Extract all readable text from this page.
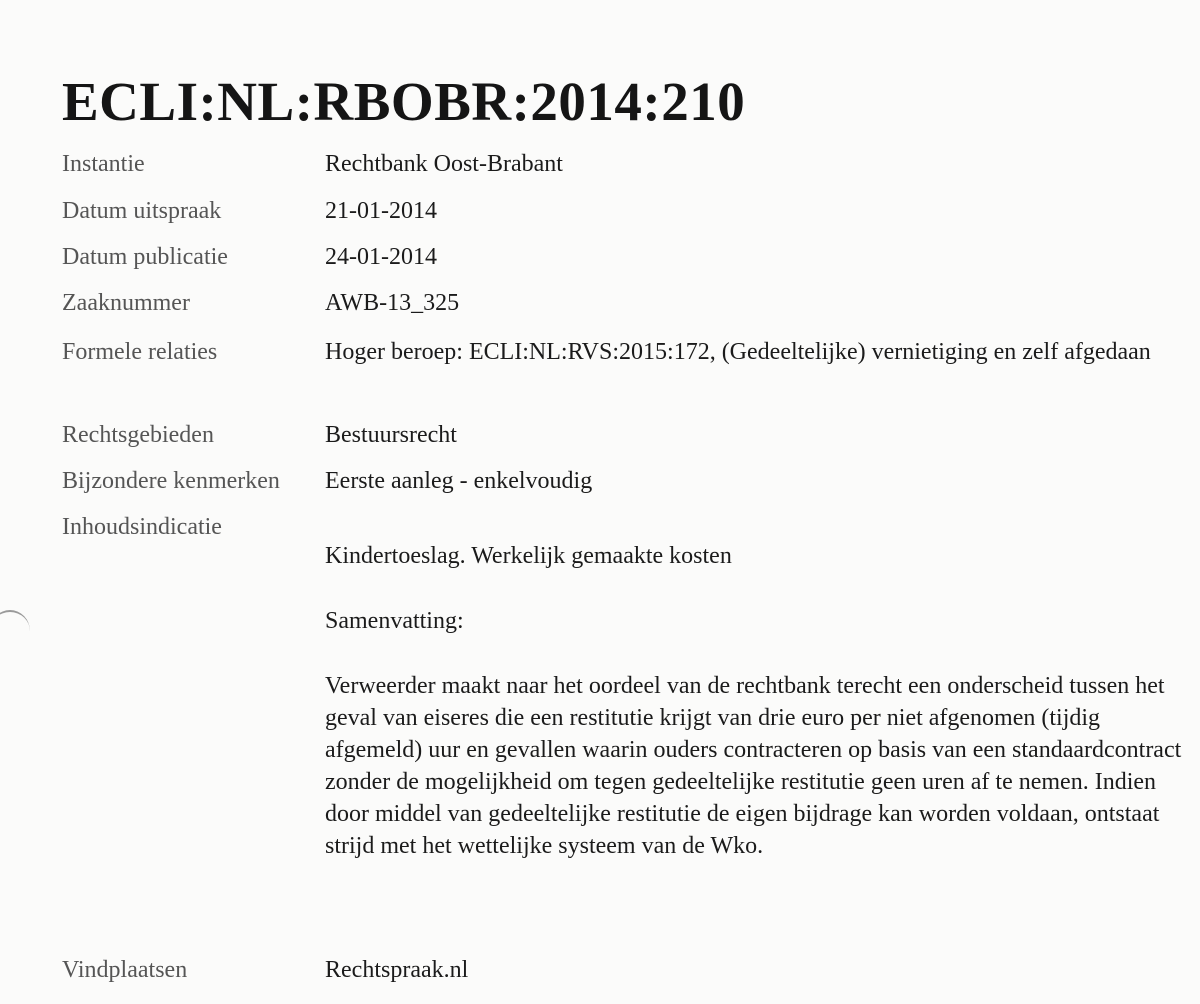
ECLI:NL:RBOBR:2014:210
Instantie	Rechtbank Oost-Brabant
Datum uitspraak	21-01-2014
Datum publicatie	24-01-2014
Zaaknummer	AWB-13_325
Formele relaties	Hoger beroep: ECLI:NL:RVS:2015:172, (Gedeeltelijke) vernietiging en zelf afgedaan
Rechtsgebieden	Bestuursrecht
Bijzondere kenmerken	Eerste aanleg - enkelvoudig
Inhoudsindicatie
Kindertoeslag. Werkelijk gemaakte kosten
Samenvatting:
Verweerder maakt naar het oordeel van de rechtbank terecht een onderscheid tussen het geval van eiseres die een restitutie krijgt van drie euro per niet afgenomen (tijdig afgemeld) uur en gevallen waarin ouders contracteren op basis van een standaardcontract zonder de mogelijkheid om tegen gedeeltelijke restitutie geen uren af te nemen. Indien door middel van gedeeltelijke restitutie de eigen bijdrage kan worden voldaan, ontstaat strijd met het wettelijke systeem van de Wko.
Vindplaatsen	Rechtspraak.nl
